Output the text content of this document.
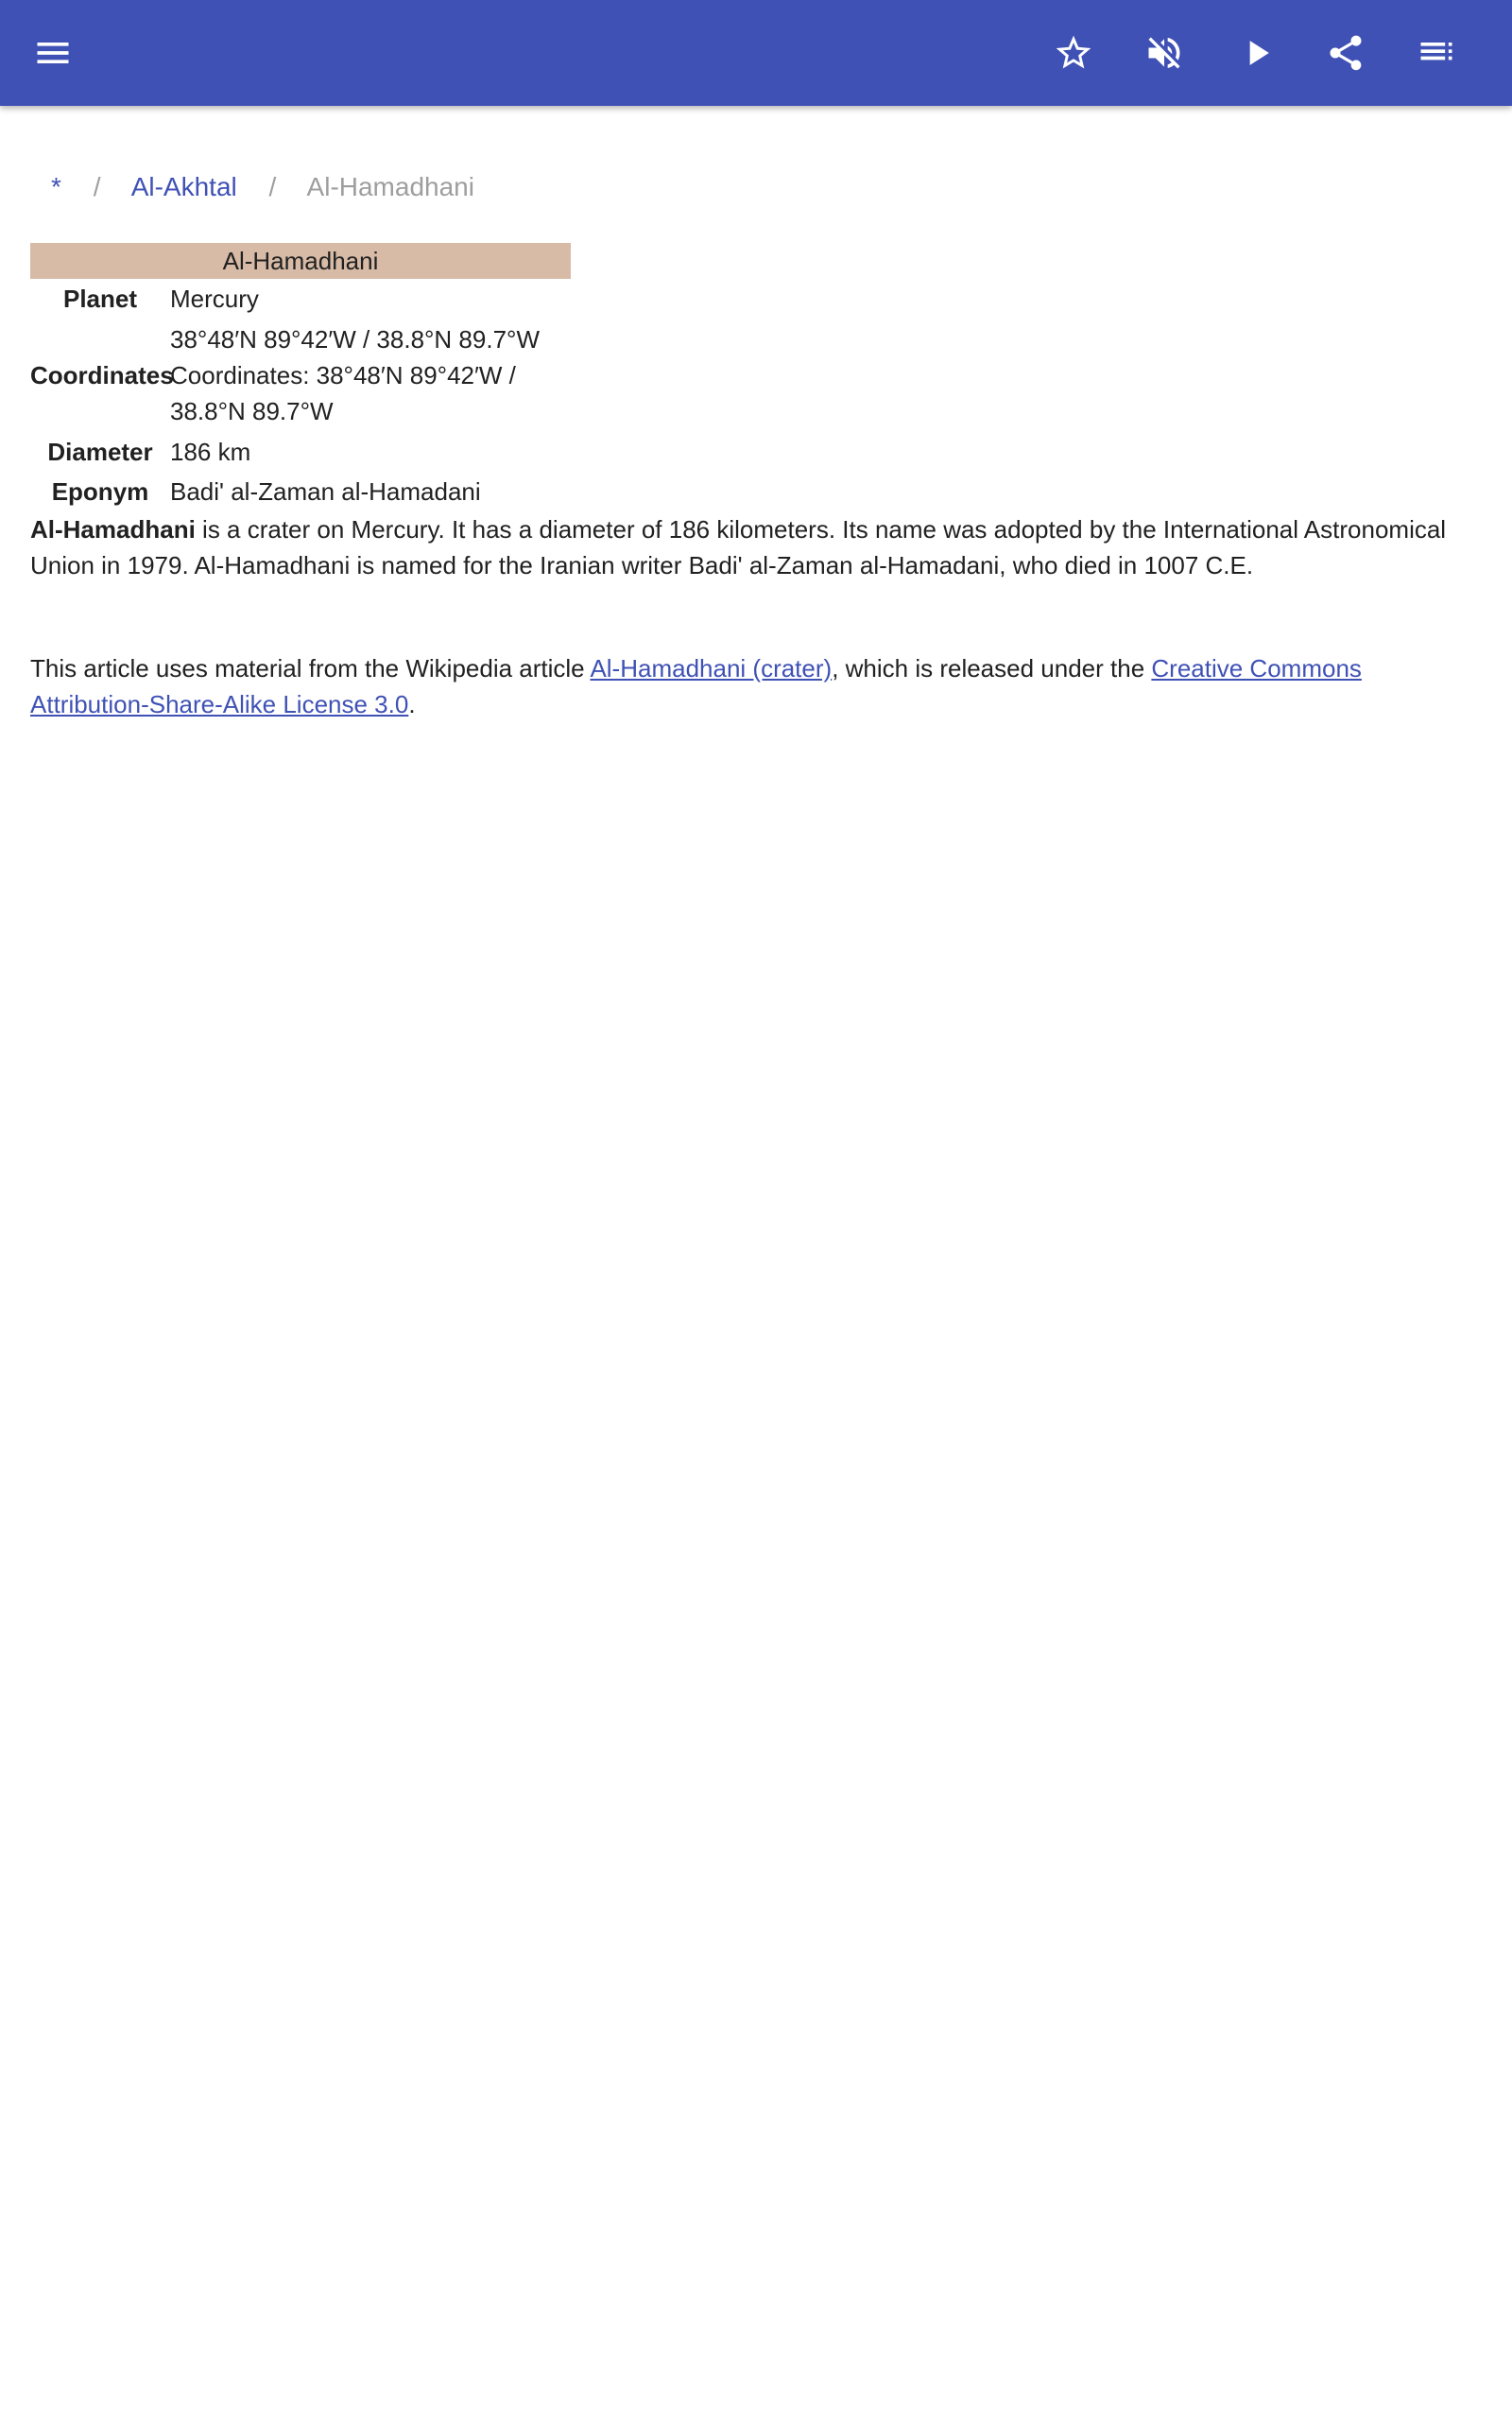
* / Al-Akhtal / Al-Hamadhani
Al-Hamadhani
Planet	Mercury
Coordinates
38°48′N 89°42′W / 38.8°N 89.7°W
Coordinates: 38°48′N 89°42′W /
38.8°N 89.7°W
Diameter 186 km
Eponym Badi' al-Zaman al-Hamadani
Al-Hamadhani is a crater on Mercury. It has a diameter of 186 kilometers. Its name was adopted by the International Astronomical Union in 1979. Al-Hamadhani is named for the Iranian writer Badi' al-Zaman al-Hamadani, who died in 1007 C.E.
This article uses material from the Wikipedia article Al-Hamadhani (crater), which is released under the Creative Commons Attribution-Share-Alike License 3.0.
